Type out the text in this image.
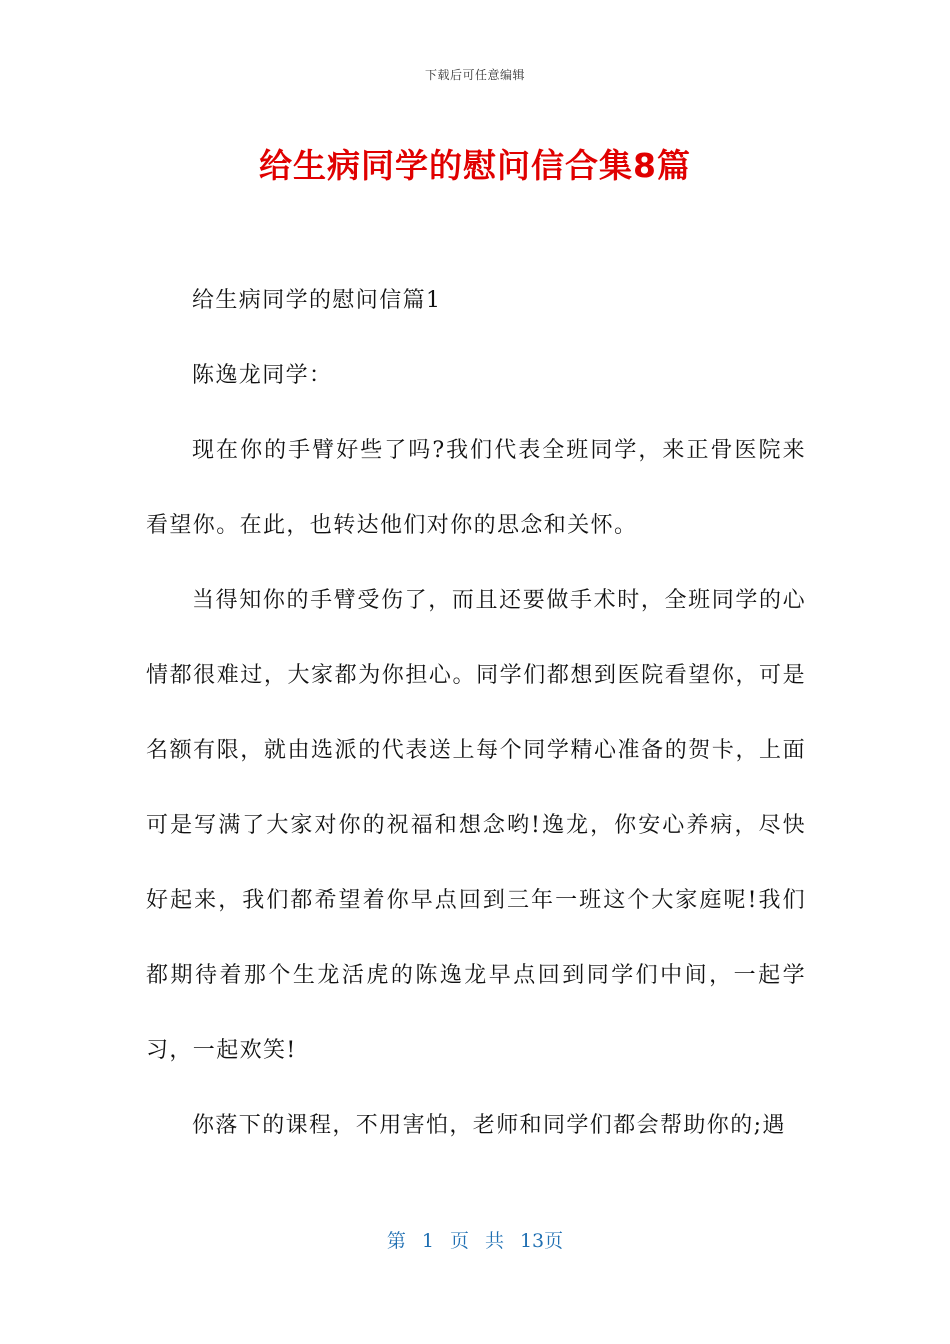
下载后可任意编辑
给生病同学的慰问信合集8篇

给生病同学的慰问信篇1

陈逸龙同学：

现在你的手臂好些了吗?我们代表全班同学，来正骨医院来看望你。在此，也转达他们对你的思念和关怀。

当得知你的手臂受伤了，而且还要做手术时，全班同学的心情都很难过，大家都为你担心。同学们都想到医院看望你，可是名额有限，就由选派的代表送上每个同学精心准备的贺卡，上面可是写满了大家对你的祝福和想念哟!逸龙，你安心养病，尽快好起来，我们都希望着你早点回到三年一班这个大家庭呢!我们都期待着那个生龙活虎的陈逸龙早点回到同学们中间，一起学习，一起欢笑!

你落下的课程，不用害怕，老师和同学们都会帮助你的;遇

第 1 页 共 13页
